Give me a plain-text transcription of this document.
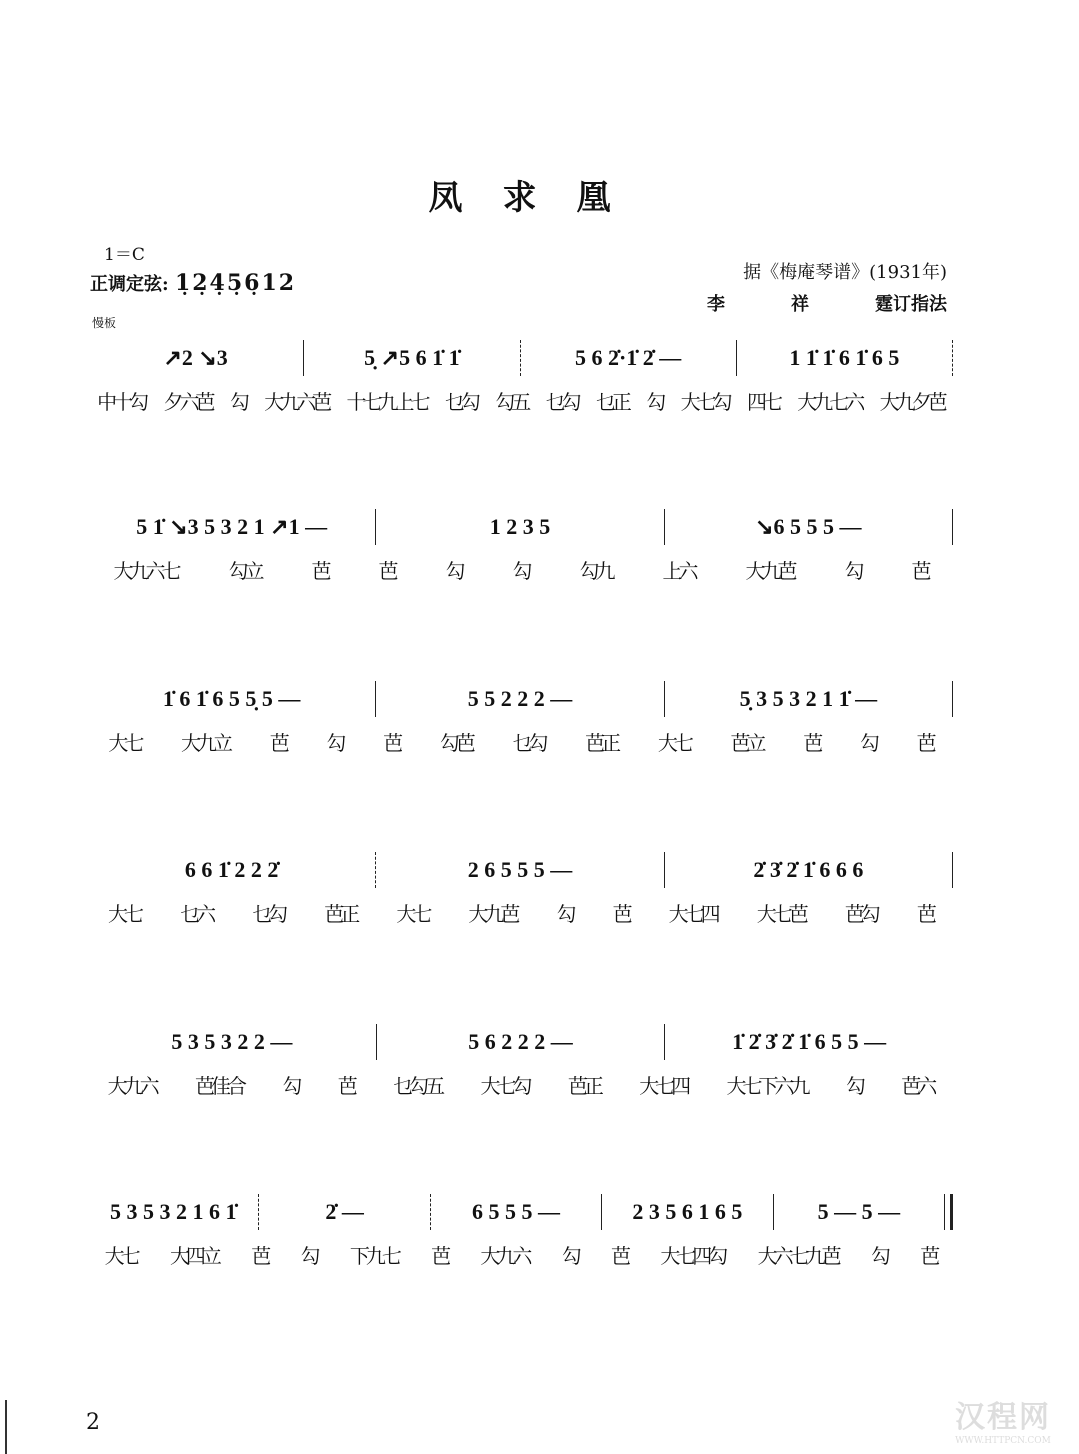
凤求凰
1＝C
正调定弦: 1̣2̣4̣5̣6̣12	据《梅庵琴谱》(1931年)
李	祥	霆订指法
慢板
↗2 ↘3	5̣ ↗5 6 1̇ 1̇	5 6 2̇·1̇ 2̇ —	1 1̇ 1̇ 6 1̇ 6 5
中十勾 夕六芭 勾 大九六芭 十七九上七 乜勾 勾五 乜勾 乜正 勾 大七勾 四七 大九七六 大九夕芭
5 1̇ ↘3 5 3 2 1 ↗1 —	1 2 3 5	↘6 5 5 5 —
大九六七	勾立	芭	芭	勾	勾	勾九	上六	大九芭	勾	芭
1̇ 6 1̇ 6 5 5̣ 5 —	5 5 2 2 2 —	5̣ 3 5 3 2 1 1̇ —
大七 大九立 芭 勾 芭 勾芭 乜勾 芭正 大七 芭立 芭 勾 芭
6 6 1̇ 2 2 2̇	2 6 5 5 5 —	2̇ 3̇ 2̇ 1̇ 6 6 6
大七 乜六 乜勾 芭正 大七 大九芭 勾 芭 大七四 大七芭 芭勾 芭
5 3 5 3 2 2 —	5 6 2 2 2 —	1̇ 2̇ 3̇ 2̇ 1̇ 6 5 5 —
大九六 芭佳合 勾 芭 乜勾五 大七勾 芭正 大七四 大七下六九 勾 芭六
5 3 5 3 2 1 6 1̇	2̇ —	6 5 5 5 —	2 3 5 6 1 6 5	5 — 5 —
大七 大四立 芭 勾 下九七 芭 大九六 勾 芭 大七四勾 大六七九芭 勾 芭
2	汉程网
WWW.HTTPCN.COM
